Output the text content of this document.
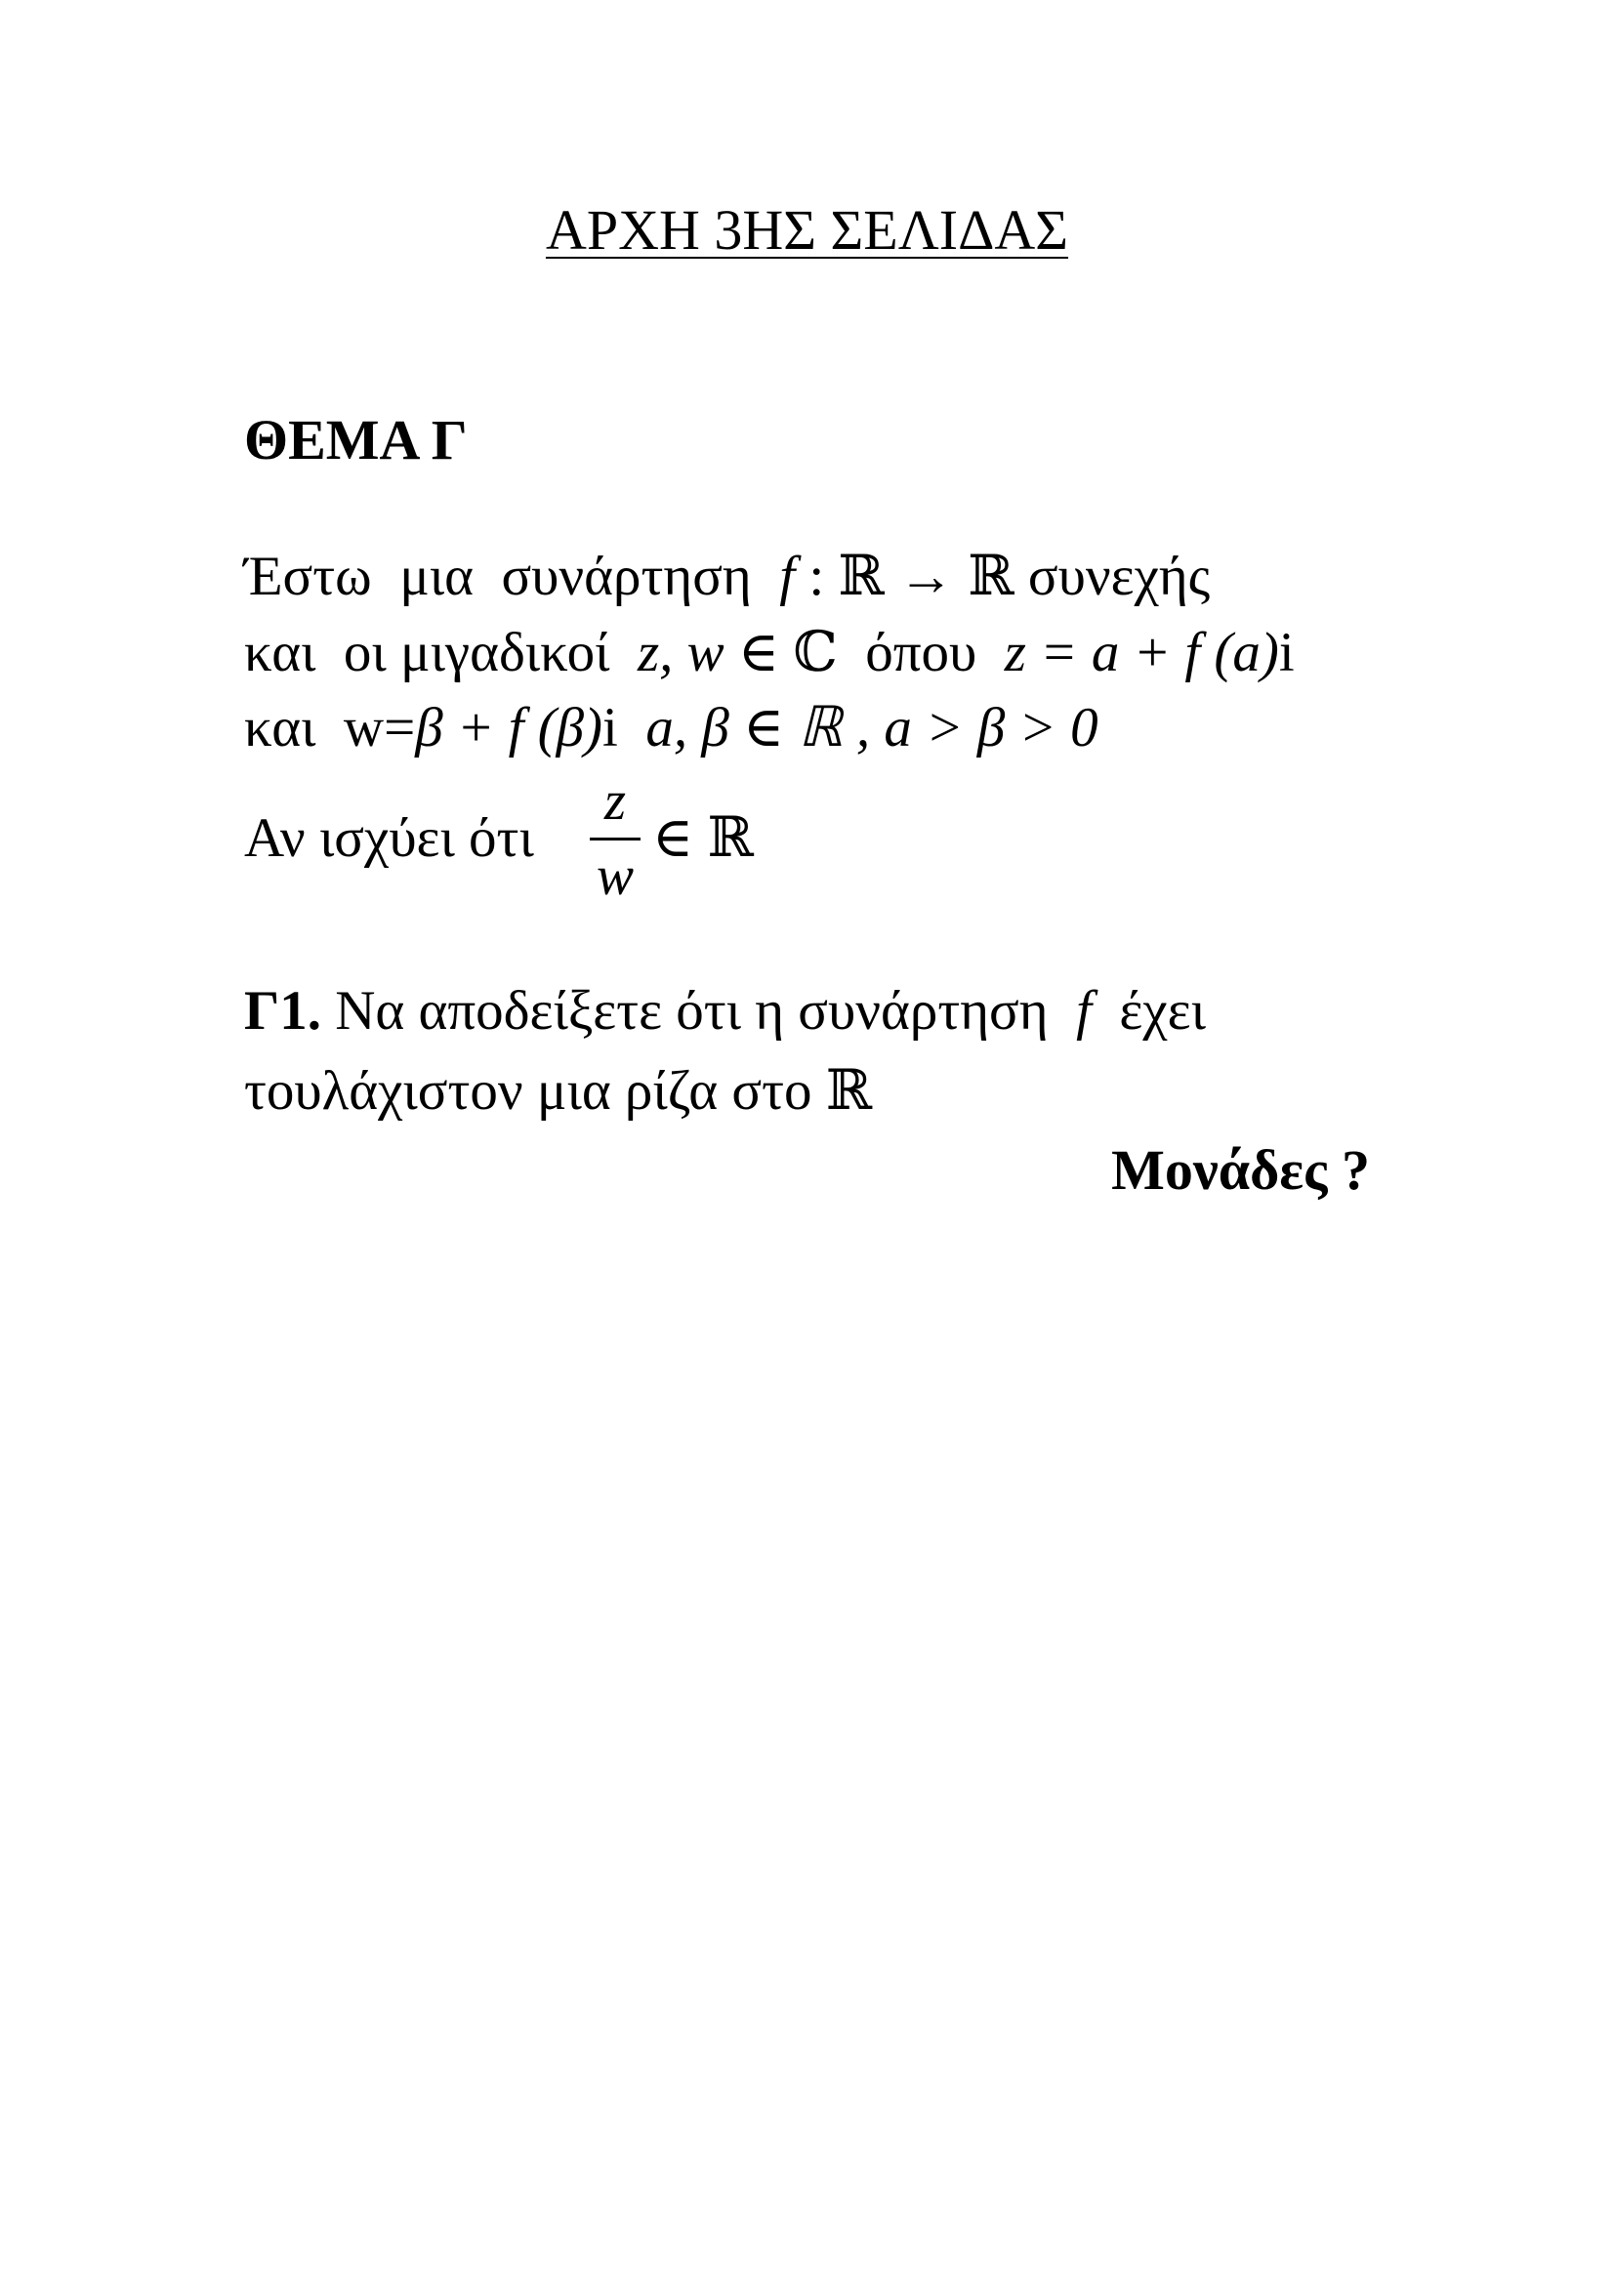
ΑΡΧΗ 3ΗΣ ΣΕΛΙΔΑΣ
ΘΕΜΑ Γ
Έστω  μια  συνάρτηση  f : ℝ → ℝ συνεχής
και  οι μιγαδικοί  z, w ∈ ℂ  όπου  z = a + f (a)i
και  w=β + f (β)i  a, β ∈ ℝ , a > β > 0
Αν ισχύει ότι
z
w
∈ ℝ
Γ1. Να αποδείξετε ότι η συνάρτηση  f  έχει
τουλάχιστον μια ρίζα στο ℝ
Μονάδες ?
